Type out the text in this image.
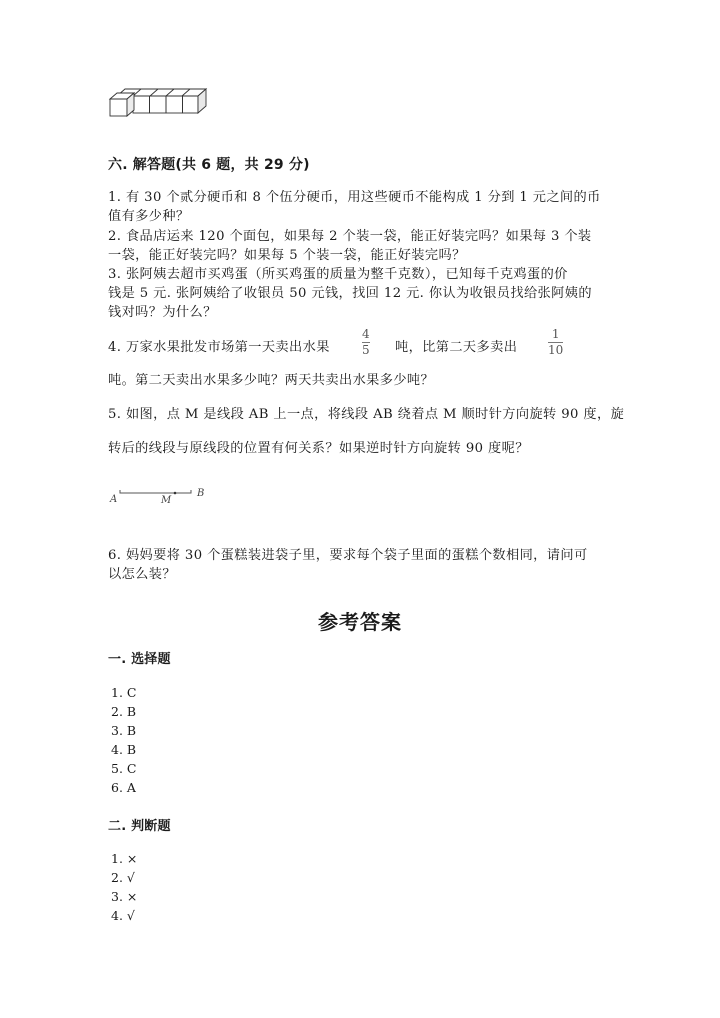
六. 解答题(共 6 题，共 29 分)
1. 有 30 个贰分硬币和 8 个伍分硬币，用这些硬币不能构成 1 分到 1 元之间的币
值有多少种？
2. 食品店运来 120 个面包，如果每 2 个装一袋，能正好装完吗？如果每 3 个装
一袋，能正好装完吗？如果每 5 个装一袋，能正好装完吗？
3. 张阿姨去超市买鸡蛋（所买鸡蛋的质量为整千克数），已知每千克鸡蛋的价
钱是 5 元. 张阿姨给了收银员 50 元钱，找回 12 元. 你认为收银员找给张阿姨的
钱对吗？为什么？
4. 万家水果批发市场第一天卖出水果
4
5 吨，比第二天多卖出
1
10
吨。第二天卖出水果多少吨？两天共卖出水果多少吨？
5. 如图，点 M 是线段 AB 上一点，将线段 AB 绕着点 M 顺时针方向旋转 90 度，旋
转后的线段与原线段的位置有何关系？如果逆时针方向旋转 90 度呢？
A	M
B
6. 妈妈要将 30 个蛋糕装进袋子里，要求每个袋子里面的蛋糕个数相同，请问可
以怎么装？
参考答案
一. 选择题
1. C
2. B
3. B
4. B
5. C
6. A
二. 判断题
1. ×
2. √
3. ×
4. √
